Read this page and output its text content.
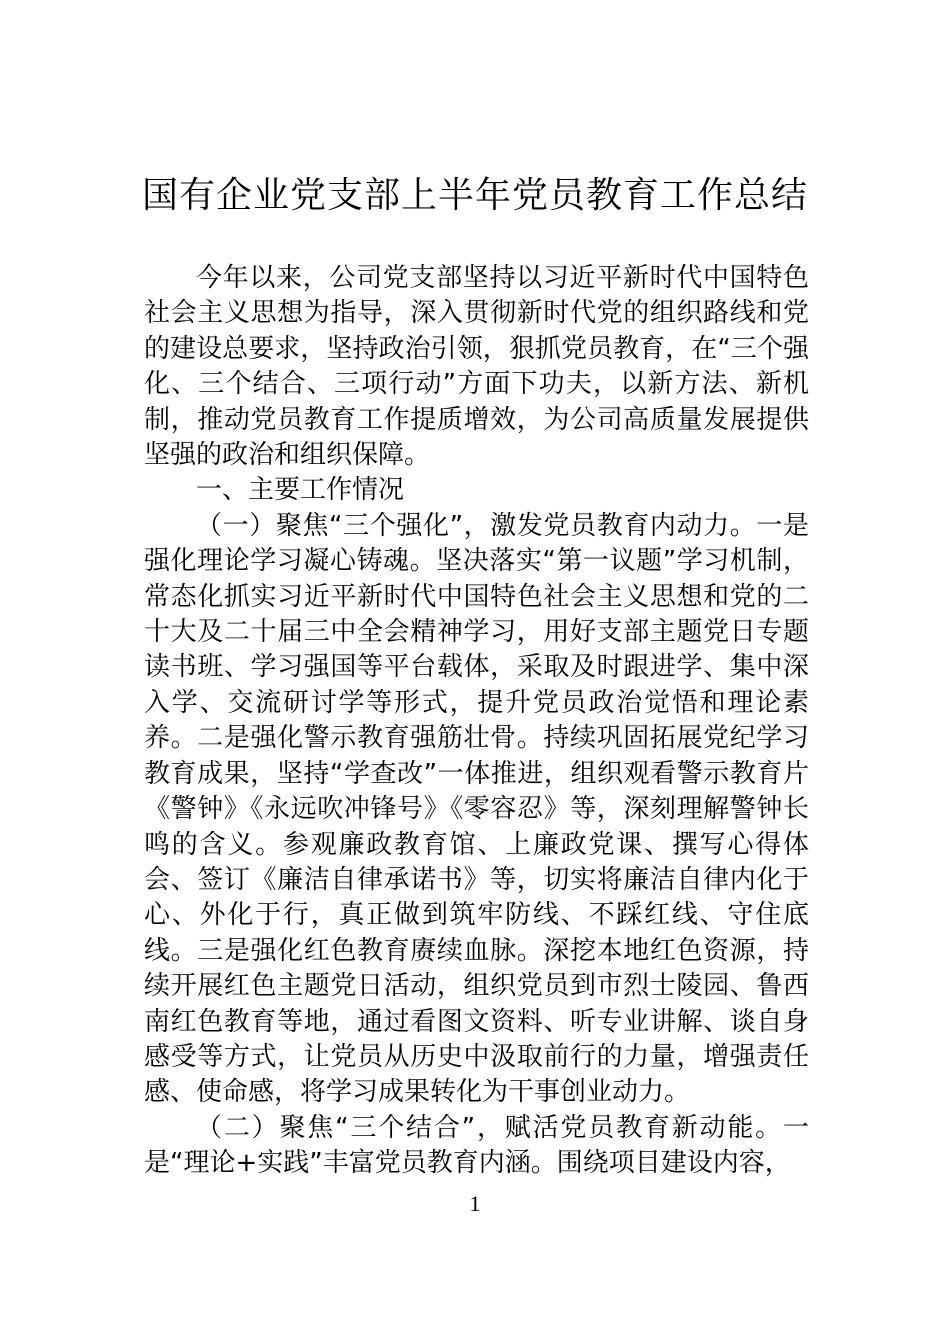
国有企业党支部上半年党员教育工作总结

今年以来，公司党支部坚持以习近平新时代中国特色社会主义思想为指导，深入贯彻新时代党的组织路线和党的建设总要求，坚持政治引领，狠抓党员教育，在“三个强化、三个结合、三项行动”方面下功夫，以新方法、新机制，推动党员教育工作提质增效，为公司高质量发展提供坚强的政治和组织保障。

一、主要工作情况

（一）聚焦“三个强化”，激发党员教育内动力。一是强化理论学习凝心铸魂。坚决落实“第一议题”学习机制，常态化抓实习近平新时代中国特色社会主义思想和党的二十大及二十届三中全会精神学习，用好支部主题党日专题读书班、学习强国等平台载体，采取及时跟进学、集中深入学、交流研讨学等形式，提升党员政治觉悟和理论素养。二是强化警示教育强筋壮骨。持续巩固拓展党纪学习教育成果，坚持“学查改”一体推进，组织观看警示教育片《警钟》《永远吹冲锋号》《零容忍》等，深刻理解警钟长鸣的含义。参观廉政教育馆、上廉政党课、撰写心得体会、签订《廉洁自律承诺书》等，切实将廉洁自律内化于心、外化于行，真正做到筑牢防线、不踩红线、守住底线。三是强化红色教育赓续血脉。深挖本地红色资源，持续开展红色主题党日活动，组织党员到市烈士陵园、鲁西南红色教育等地，通过看图文资料、听专业讲解、谈自身感受等方式，让党员从历史中汲取前行的力量，增强责任感、使命感，将学习成果转化为干事创业动力。

（二）聚焦“三个结合”，赋活党员教育新动能。一是“理论+实践”丰富党员教育内涵。围绕项目建设内容，

1
